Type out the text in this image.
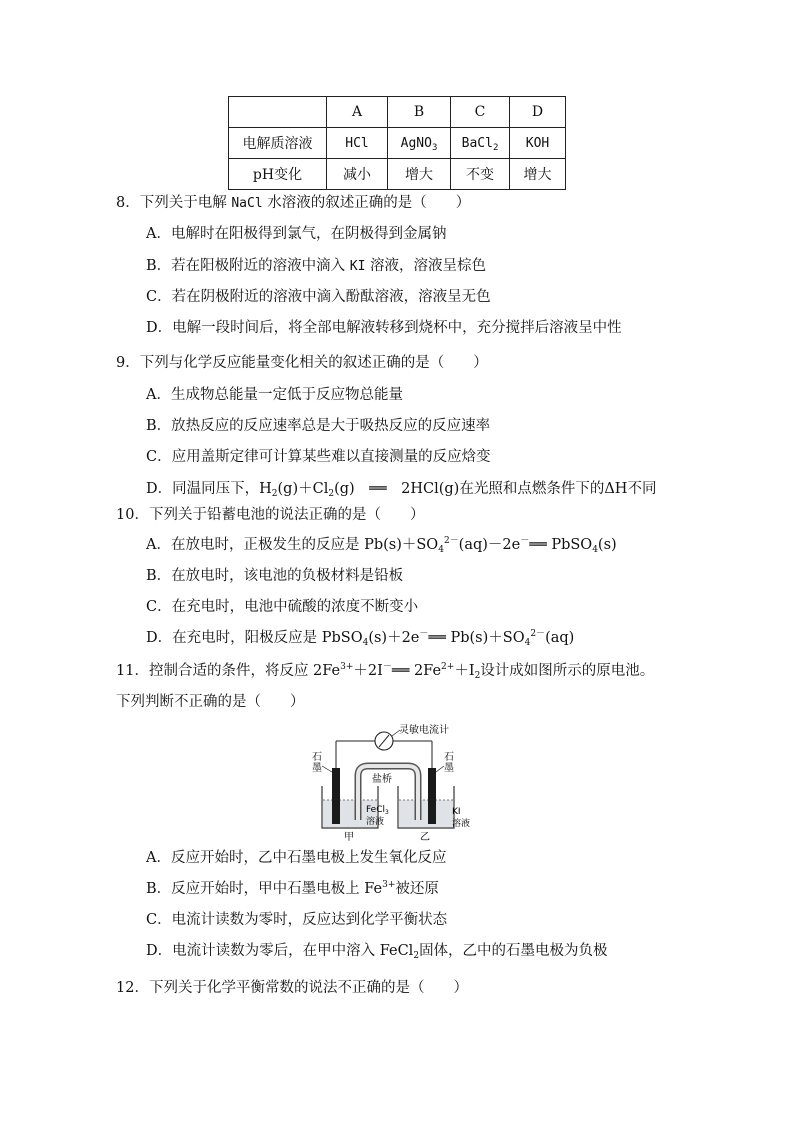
	A	B	C	D
电解质溶液	HCl	AgNO$_3$	BaCl$_2$	KOH
pH变化	减小	增大	不变	增大
8．下列关于电解 NaCl 水溶液的叙述正确的是（　　）
A．电解时在阳极得到氯气，在阴极得到金属钠
B．若在阳极附近的溶液中滴入 KI 溶液，溶液呈棕色
C．若在阴极附近的溶液中滴入酚酞溶液，溶液呈无色
D．电解一段时间后，将全部电解液转移到烧杯中，充分搅拌后溶液呈中性
9．下列与化学反应能量变化相关的叙述正确的是（　　）
A．生成物总能量一定低于反应物总能量
B．放热反应的反应速率总是大于吸热反应的反应速率
C．应用盖斯定律可计算某些难以直接测量的反应焓变
D．同温同压下，$H_2(g)+Cl_2(g)$　══　2HCl(g)在光照和点燃条件下的ΔH不同
10．下列关于铅蓄电池的说法正确的是（　　）
A．在放电时，正极发生的反应是 $Pb(s)+SO_4^{2-}(aq)-2e^-══$ PbSO$_4$(s)
B．在放电时，该电池的负极材料是铅板
C．在充电时，电池中硫酸的浓度不断变小
D．在充电时，阳极反应是 PbSO$_4$(s)＋2e－══ $Pb(s)+SO_4^{2-}(aq)$
11．控制合适的条件，将反应 $2Fe^{3+}+2I^-══$ $2Fe^{2+}+I_2$设计成如图所示的原电池。
下列判断不正确的是（　　）
灵敏电流计
盐桥
石
墨
石
墨
FeCl$_3$
溶液
KI
溶液
甲	乙
A．反应开始时，乙中石墨电极上发生氧化反应
B．反应开始时，甲中石墨电极上 $Fe^{3+}$被还原
C．电流计读数为零时，反应达到化学平衡状态
D．电流计读数为零后，在甲中溶入 FeCl$_2$固体，乙中的石墨电极为负极
12．下列关于化学平衡常数的说法不正确的是（　　）
